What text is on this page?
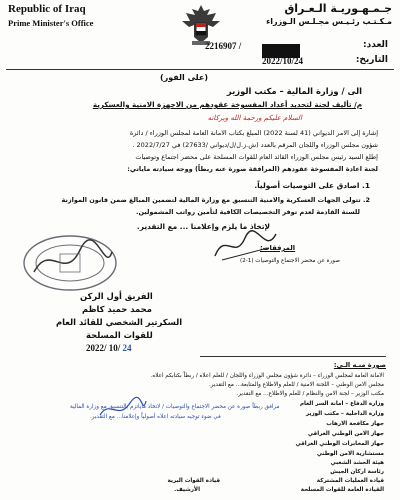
Republic of Iraq
Prime Minister's Office
جـمـهـوريـة الـعـراق
مـكـتـب رئـيـس مجـلـس الـوزراء
العدد:
2216907 /
التاريخ:
2022/10/24
(على الفور)
الى / وزارة المالية – مكتب الوزير
م/ تأليف لجنة لتحديد أعداد المفسوخة عقودهم من الاجهزة الامنية والعسكرية
السلام عليكم ورحمة الله وبركاته
إشارة إلى الامر الديواني (41 لسنة 2022) المبلغ بكتاب الامانة العامة لمجلس الوزراء / دائرة
شؤون مجلس الوزراء واللجان المرقم بالعدد (ش.ز.ل/ل/ديواني /27633) في 2022/7/27 .
إطلع السيد رئيس مجلس الوزراء القائد العام للقوات المسلحة على محضر اجتماع وتوصيات
لجنة اعادة المفسوخة عقودهم (المرافقة صورة عنه ربطاً) ووجه سيادته ماياتي:
1. اصادق على التوصيات أصولياً.
2. تتولى الجهات العسكرية والامنية التنسيق مع وزارة المالية لتضمين المبالغ ضمن قانون الموازنة
للسنة القادمة لعدم توفر التخصيصات الكافية لتأمين رواتب المشمولين.
لإتخاذ ما يلزم وإعلامنا ... مع التقدير.
المرفقات:
صورة عن محضر الاجتماع والتوصيات (1-2)
الفريق أول الركن
محمد حميد كاظم
السكرتير الشخصي للقائد العام
للقوات المسلحة
2022/ 10/ 24
صورة منـه الـى:
الامانة العامة لمجلس الوزراء – دائرة شؤون مجلس الوزراء واللجان / للعلم اعلاه / ربطاً بكتابكم اعلاه.
مجلس الامن الوطني – اللجنة الامنية / للعلم والاطلاع والمتابعة... مع التقدير.
مكتب الوزير – لجنة الامن والنظام / للعلم والاطلاع... مع التقدير.
وزارة الدفاع – امانة السر العام
وزارة الداخلية – مكتب الوزير
جهاز مكافحة الارهاب
جهاز الامن الوطني العراقي
جهاز المخابرات الوطني العراقي
مستشارية الامن الوطني
هيئة الحشد الشعبي
رئاسة اركان الجيش
قيادة العمليات المشتركة
قيادة القوات البرية
القيادة العامة للقوات المسلحة
الأرشيف.
مرافق ربطاً صورة عن محضر الاجتماع والتوصيات / لاتخاذ ماياتزم بالتنسيق مع وزارة المالية
في ضوء توجيه سيادته اعلاه أصولياً وإعلامنا... مع التقدير.
